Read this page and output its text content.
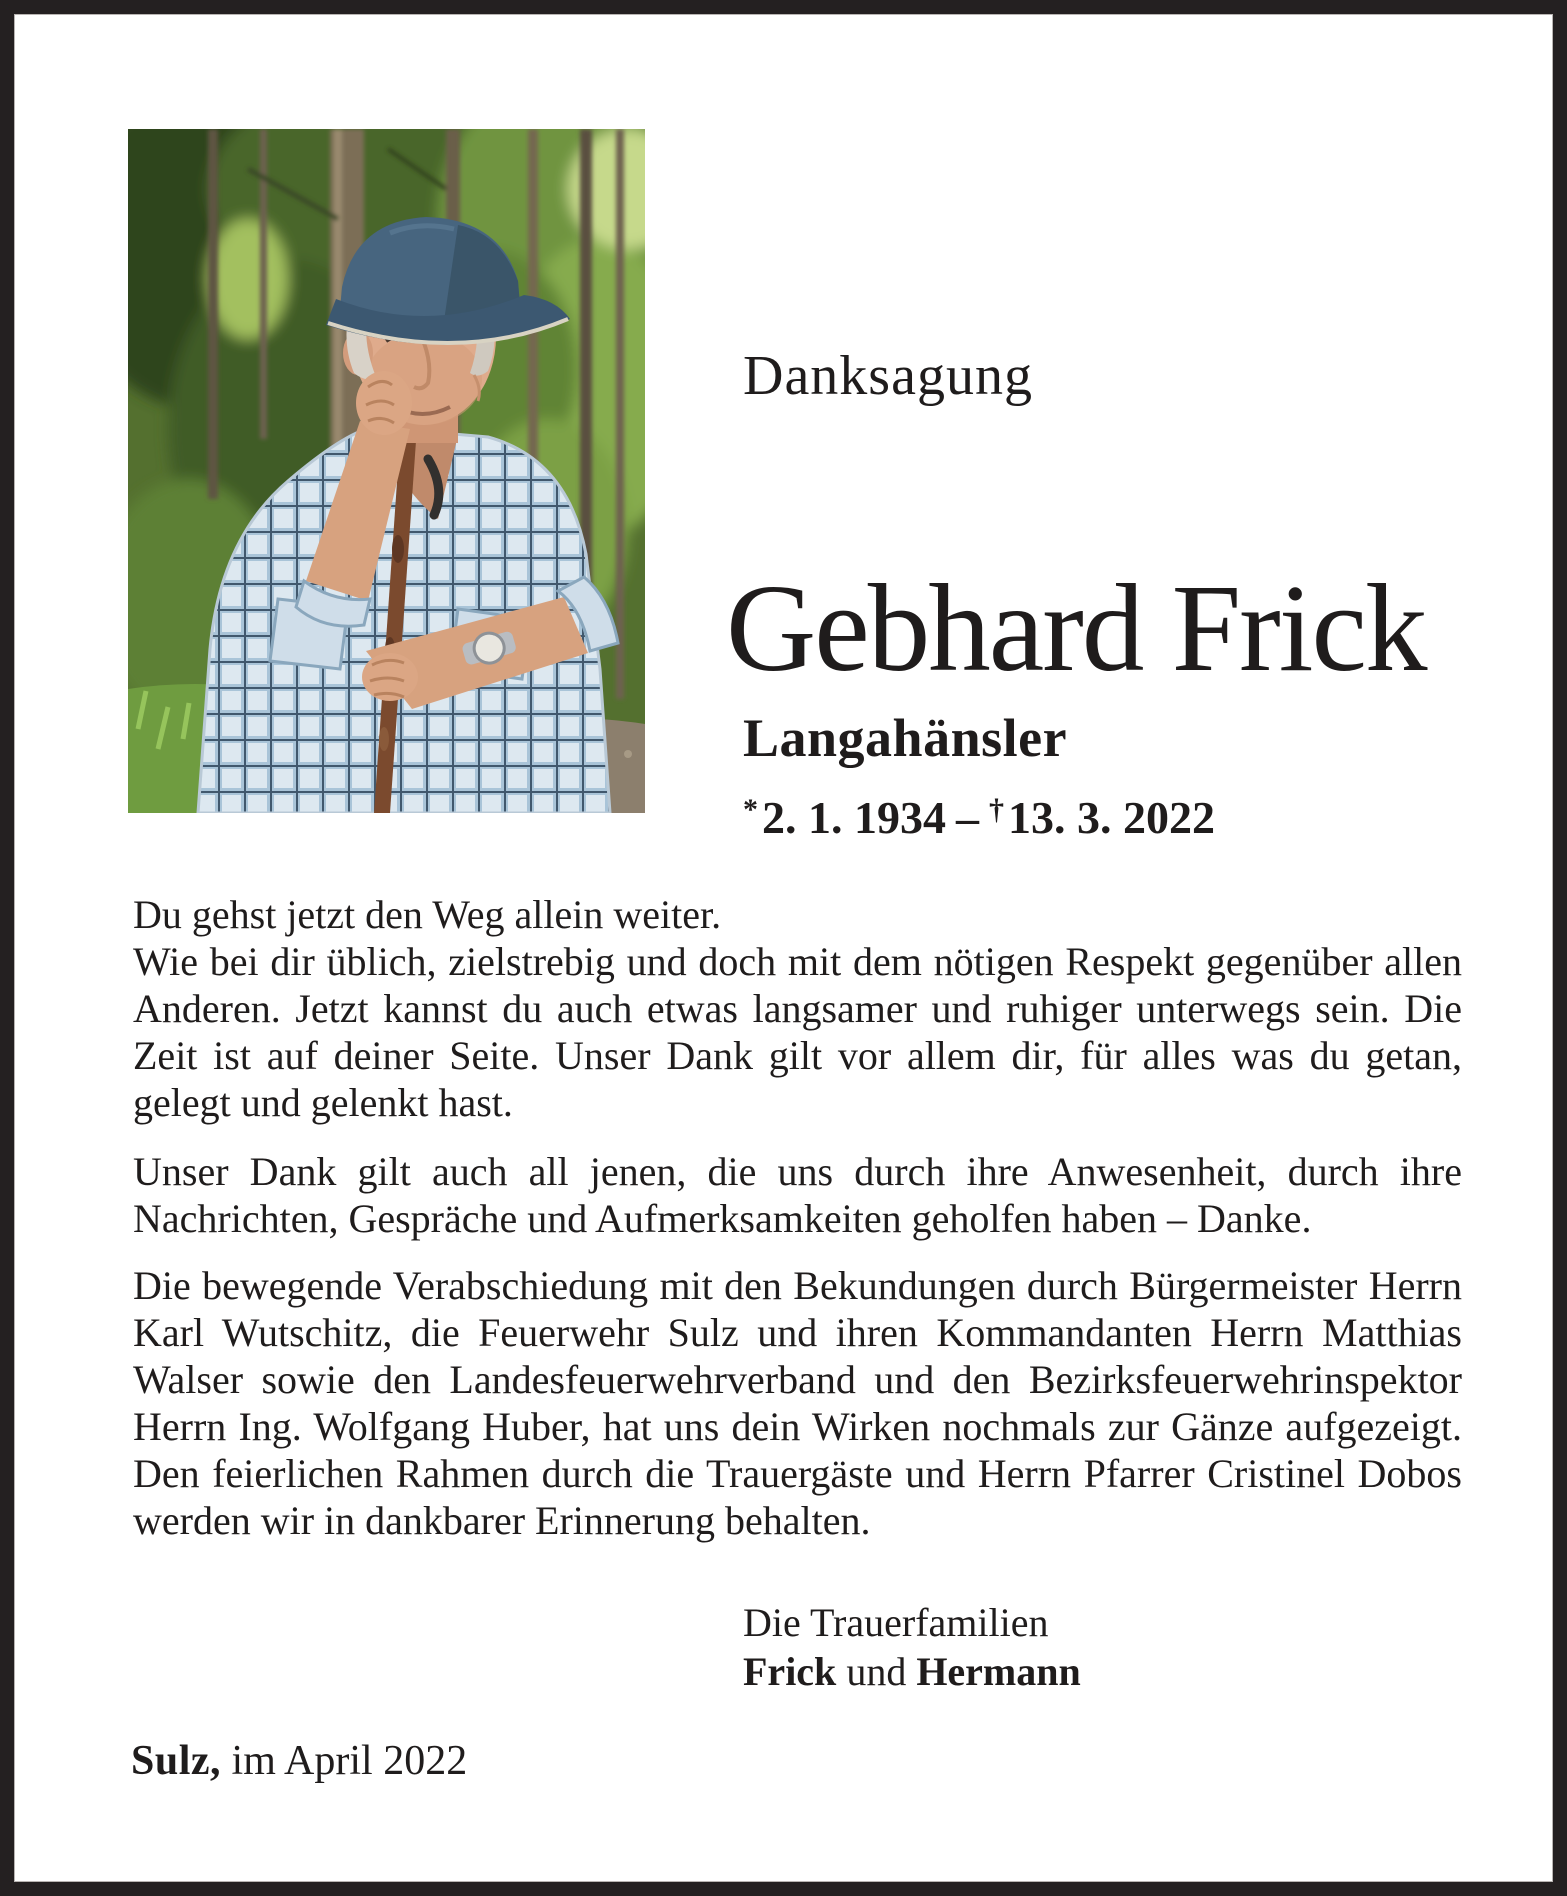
Danksagung
Gebhard Frick
Langahänsler
*2. 1. 1934 – †13. 3. 2022
Du gehst jetzt den Weg allein weiter.
Wie bei dir üblich, zielstrebig und doch mit dem nötigen Respekt gegenüber allen Anderen. Jetzt kannst du auch etwas langsamer und ruhiger unterwegs sein. Die Zeit ist auf deiner Seite. Unser Dank gilt vor allem dir, für alles was du getan, gelegt und gelenkt hast.
Unser Dank gilt auch all jenen, die uns durch ihre Anwesenheit, durch ihre Nachrichten, Gespräche und Aufmerksamkeiten geholfen haben – Danke.
Die bewegende Verabschiedung mit den Bekundungen durch Bürgermeister Herrn Karl Wutschitz, die Feuerwehr Sulz und ihren Kommandanten Herrn Matthias Walser sowie den Landesfeuerwehrverband und den Bezirksfeuerwehrinspektor Herrn Ing. Wolfgang Huber, hat uns dein Wirken nochmals zur Gänze aufgezeigt. Den feierlichen Rahmen durch die Trauergäste und Herrn Pfarrer Cristinel Dobos werden wir in dankbarer Erinnerung behalten.
Die Trauerfamilien
Frick und Hermann
Sulz, im April 2022
